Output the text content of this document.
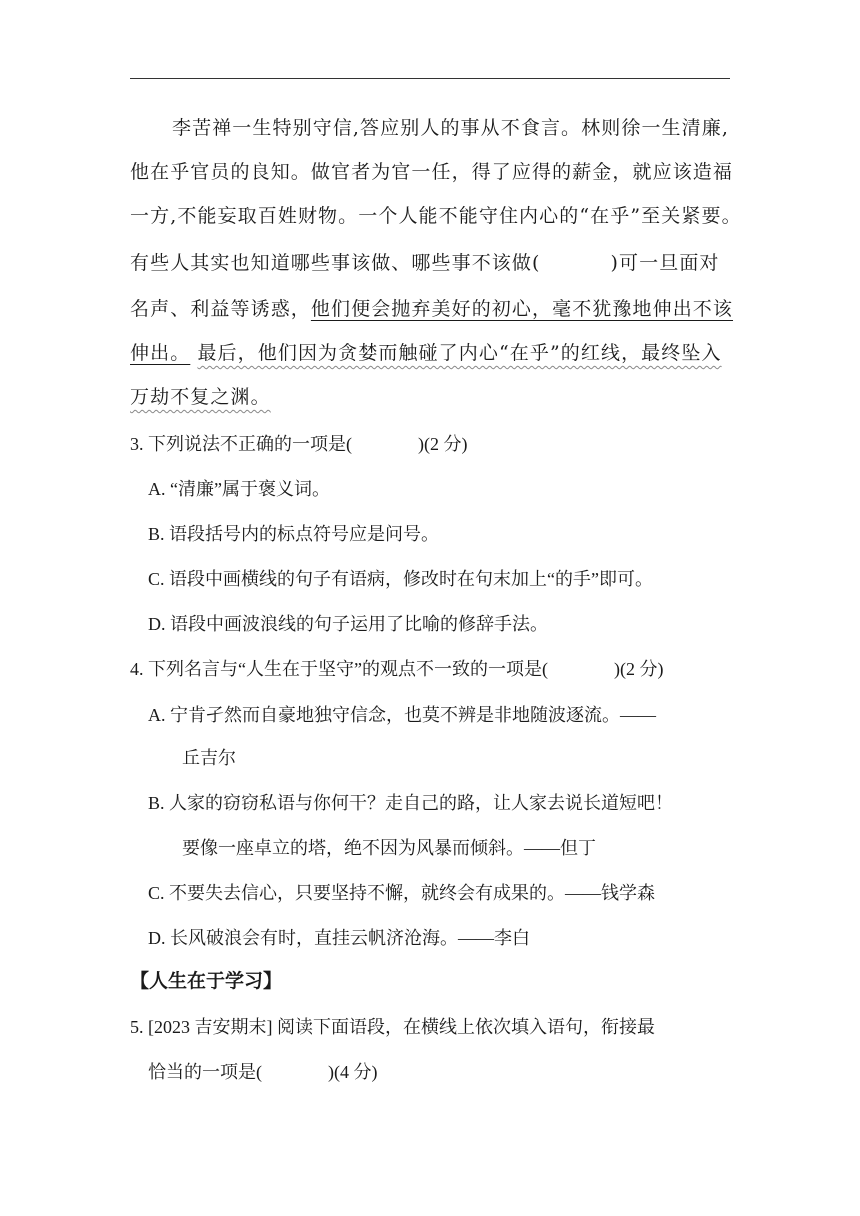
李苦禅一生特别守信,答应别人的事从不食言。林则徐一生清廉,
他在乎官员的良知。做官者为官一任，得了应得的薪金，就应该造福
一方,不能妄取百姓财物。一个人能不能守住内心的“在乎”至关紧要。
有些人其实也知道哪些事该做、哪些事不该做(	)可一旦面对
名声、利益等诱惑，他们便会抛弃美好的初心，毫不犹豫地伸出不该
伸出。 最后，他们因为贪婪而触碰了内心“在乎”的红线，最终坠入
万劫不复之渊。
3. 下列说法不正确的一项是(	)(2 分)
A. “清廉”属于褒义词。
B. 语段括号内的标点符号应是问号。
C. 语段中画横线的句子有语病，修改时在句末加上“的手”即可。
D. 语段中画波浪线的句子运用了比喻的修辞手法。
4. 下列名言与“人生在于坚守”的观点不一致的一项是(	)(2 分)
A. 宁肯孑然而自豪地独守信念，也莫不辨是非地随波逐流。——
丘吉尔
B. 人家的窃窃私语与你何干？走自己的路，让人家去说长道短吧！
要像一座卓立的塔，绝不因为风暴而倾斜。——但丁
C. 不要失去信心，只要坚持不懈，就终会有成果的。——钱学森
D. 长风破浪会有时，直挂云帆济沧海。——李白
【人生在于学习】
5. [2023 吉安期末] 阅读下面语段，在横线上依次填入语句，衔接最
恰当的一项是(	)(4 分)
